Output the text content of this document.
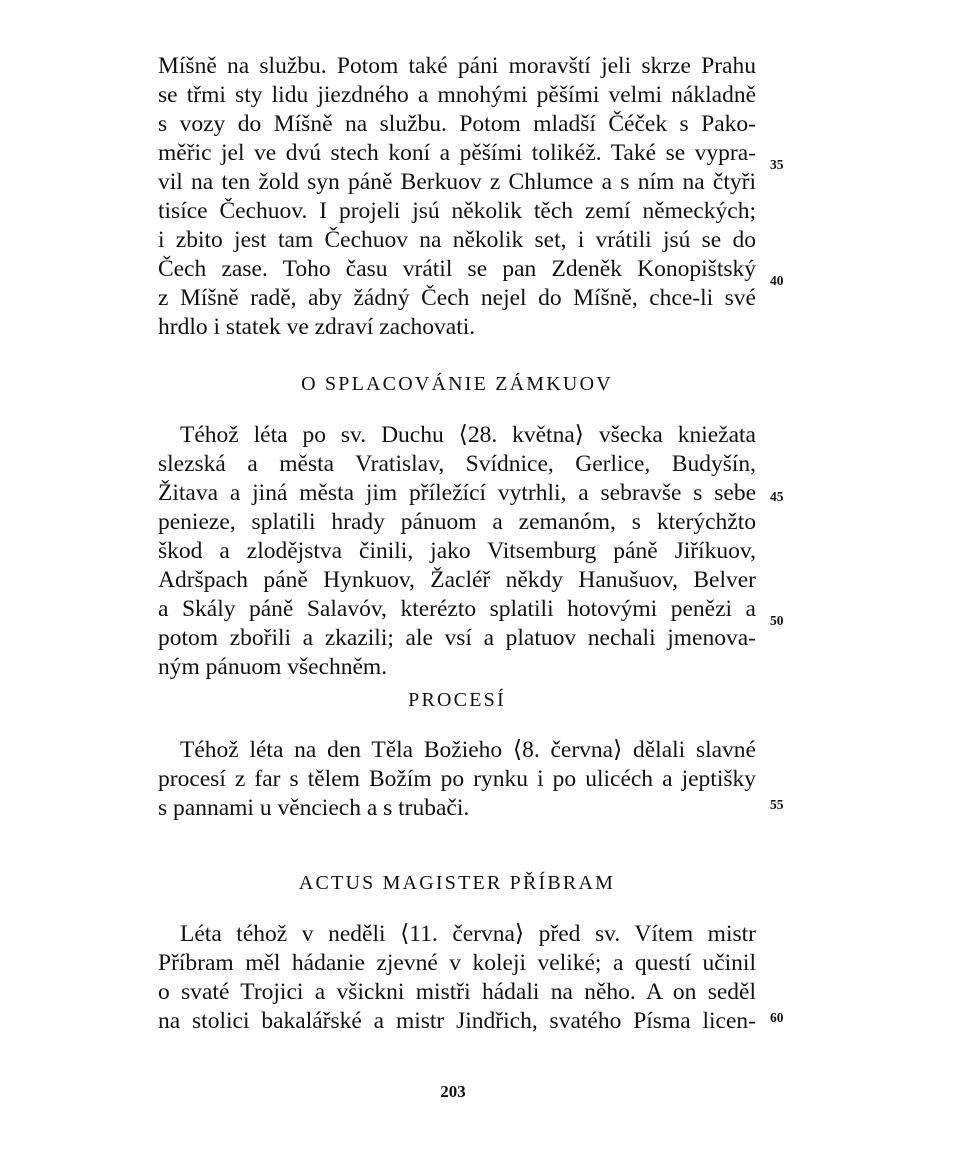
Míšně na službu. Potom také páni moravští jeli skrze Prahu
se třmi sty lidu jiezdného a mnohými pěšími velmi nákladně
s vozy do Míšně na službu. Potom mladší Čéček s Pako-
měřic jel ve dvú stech koní a pěšími tolikéž. Také se vypra-
vil na ten žold syn páně Berkuov z Chlumce a s ním na čtyři
tisíce Čechuov. I projeli jsú několik těch zemí německých;
i zbito jest tam Čechuov na několik set, i vrátili jsú se do
Čech zase. Toho času vrátil se pan Zdeněk Konopištský
z Míšně radě, aby žádný Čech nejel do Míšně, chce-li své
hrdlo i statek ve zdraví zachovati.
O SPLACOVÁNIE ZÁMKUOV
Téhož léta po sv. Duchu ⟨28. května⟩ všecka kniežata
slezská a města Vratislav, Svídnice, Gerlice, Budyšín,
Žitava a jiná města jim příležící vytrhli, a sebravše s sebe
penieze, splatili hrady pánuom a zemanóm, s kterýchžto
škod a zlodějstva činili, jako Vitsemburg páně Jiříkuov,
Adršpach páně Hynkuov, Žacléř někdy Hanušuov, Belver
a Skály páně Salavóv, kterézto splatili hotovými penězi a
potom zbořili a zkazili; ale vsí a platuov nechali jmenova-
ným pánuom všechněm.
PROCESÍ
Téhož léta na den Těla Božieho ⟨8. června⟩ dělali slavné
procesí z far s tělem Božím po rynku i po ulicéch a jeptišky
s pannami u věnciech a s trubači.
ACTUS MAGISTER PŘÍBRAM
Léta téhož v neděli ⟨11. června⟩ před sv. Vítem mistr
Příbram měl hádanie zjevné v koleji veliké; a questí učinil
o svaté Trojici a všickni mistři hádali na něho. A on seděl
na stolici bakalářské a mistr Jindřich, svatého Písma licen-
35
40
45
50
55
60
203
